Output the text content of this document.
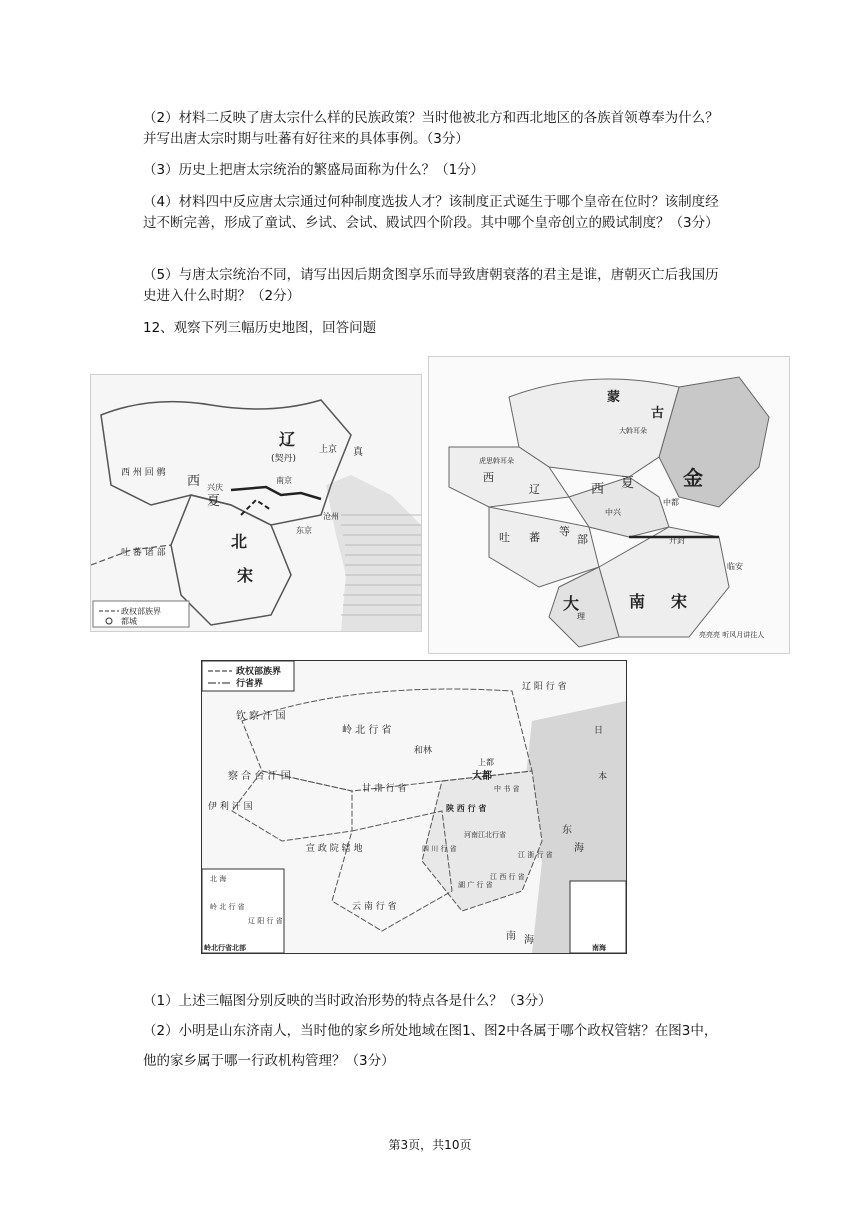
（2）材料二反映了唐太宗什么样的民族政策？当时他被北方和西北地区的各族首领尊奉为什么？并写出唐太宗时期与吐蕃有好往来的具体事例。（3分）
（3）历史上把唐太宗统治的繁盛局面称为什么？（1分）
（4）材料四中反应唐太宗通过何种制度选拔人才？该制度正式诞生于哪个皇帝在位时？该制度经过不断完善，形成了童试、乡试、会试、殿试四个阶段。其中哪个皇帝创立的殿试制度？（3分）
（5）与唐太宗统治不同，请写出因后期贪图享乐而导致唐朝衰落的君主是谁，唐朝灭亡后我国历史进入什么时期？（2分）
12、观察下列三幅历史地图，回答问题
政权部族界
都城
辽
(契丹)
上京 真
西 州 回 鹘
西
夏
兴庆
南京
北
宋
吐 蕃 诸 部
东京
沧州
蒙
古
大斡耳朵
金
虎思斡耳朵
西
辽	西 夏
中都
中兴
吐 蕃 等
部	开封
临安
大
理
南 宋
亮亮亮 听风月讲往人
政权部族界
行省界
钦 察 汗 国
岭 北 行 省
和林
辽 阳 行 省
察 合 台 汗 国
伊 利 汗 国
甘 肃 行 省
上都
大都
中 书 省
陕 西 行 省
宣 政 院 辖 地	四 川 行 省
河南江北行省
江 浙 行 省
湖 广 行 省
江 西 行 省
云 南 行 省
东
海
南 海
日
本
岭 北 行 省
辽 阳 行 省
北 海
岭北行省北部	南海
（1）上述三幅图分别反映的当时政治形势的特点各是什么？（3分）
（2）小明是山东济南人，当时他的家乡所处地域在图1、图2中各属于哪个政权管辖？在图3中，他的家乡属于哪一行政机构管理？（3分）
第3页，共10页
